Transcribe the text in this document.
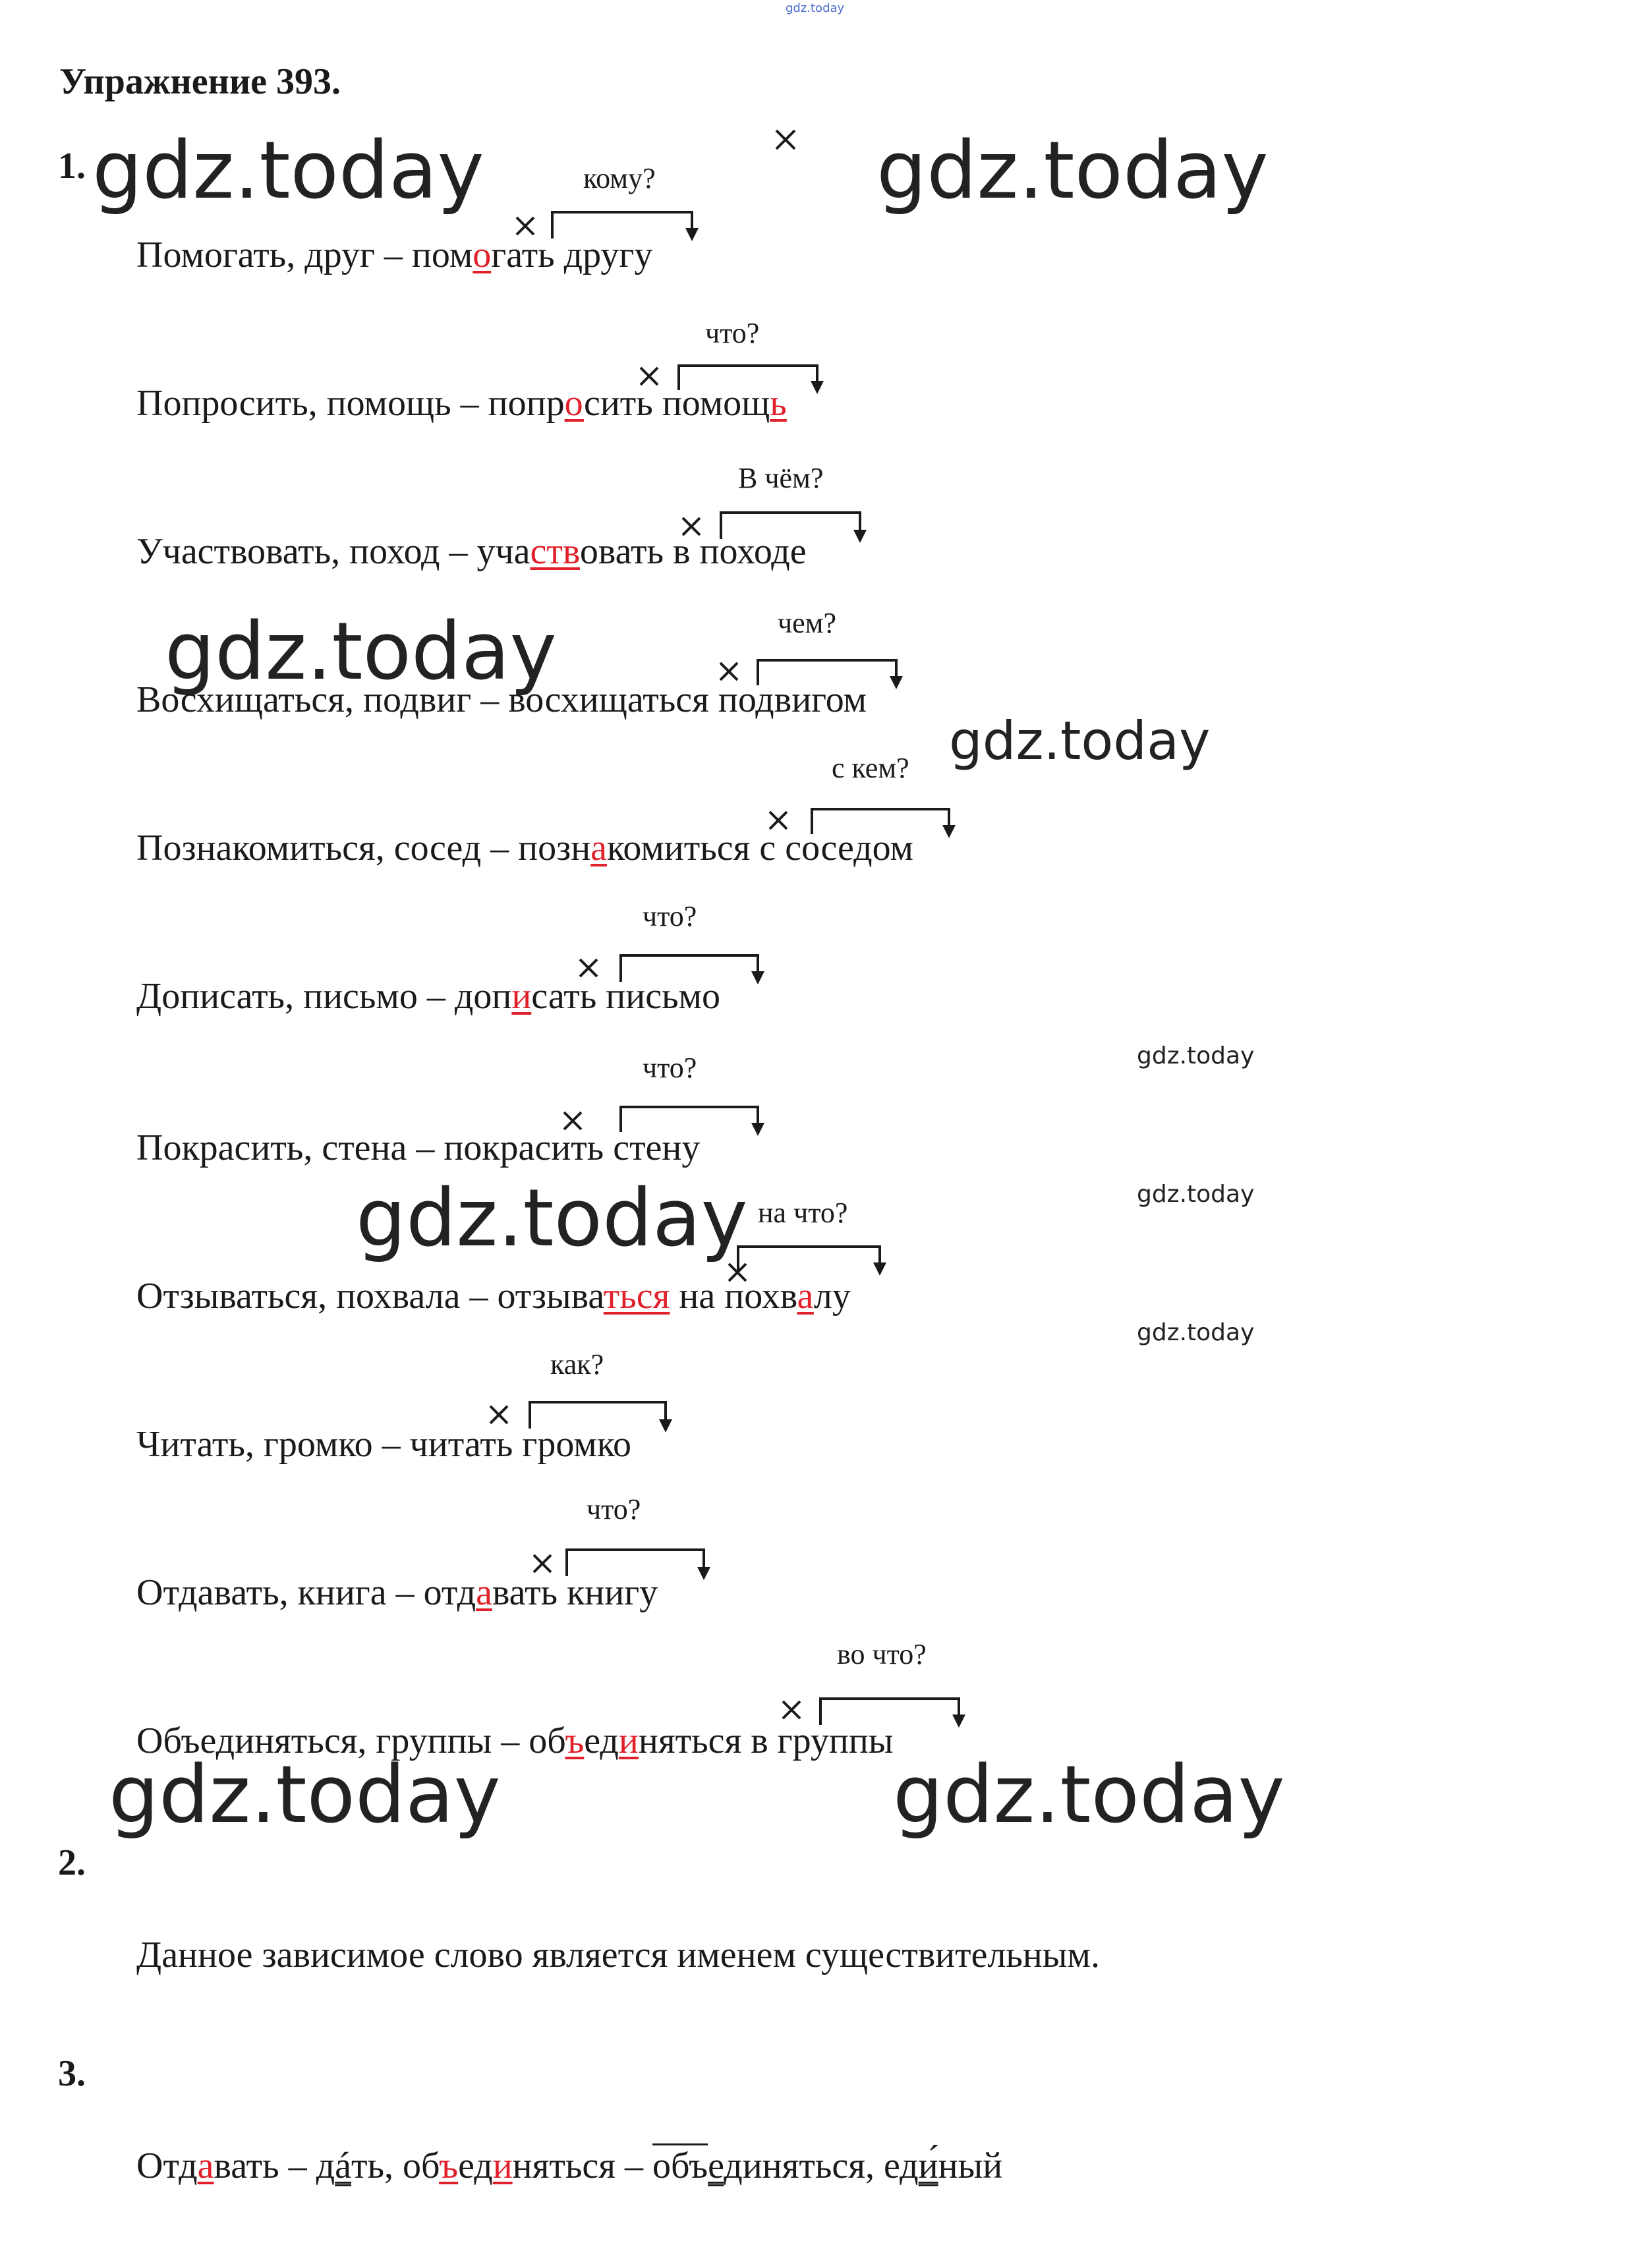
gdz.today
Упражнение 393.
1.
2.
3.
gdz.today	gdz.today
gdz.today
gdz.today
gdz.today	gdz.today
gdz.today
gdz.today
gdz.today
gdz.today
Помогать, друг – помогать другу
кому?
Попросить, помощь – попросить помощь
что?
Участвовать, поход – участвовать в походе
В чём?
Восхищаться, подвиг – восхищаться подвигом
чем?
Познакомиться, сосед – познакомиться с соседом
с кем?
Дописать, письмо – дописать письмо
что?
Покрасить, стена – покрасить стену
что?
Отзываться, похвала – отзываться на похвалу
на что?
Читать, громко – читать громко
как?
Отдавать, книга – отдавать книгу
что?
Объединяться, группы – объединяться в группы
во что?
Данное зависимое слово является именем существительным.
Отдавать – дáть, объединяться – объединяться, еди́ный
